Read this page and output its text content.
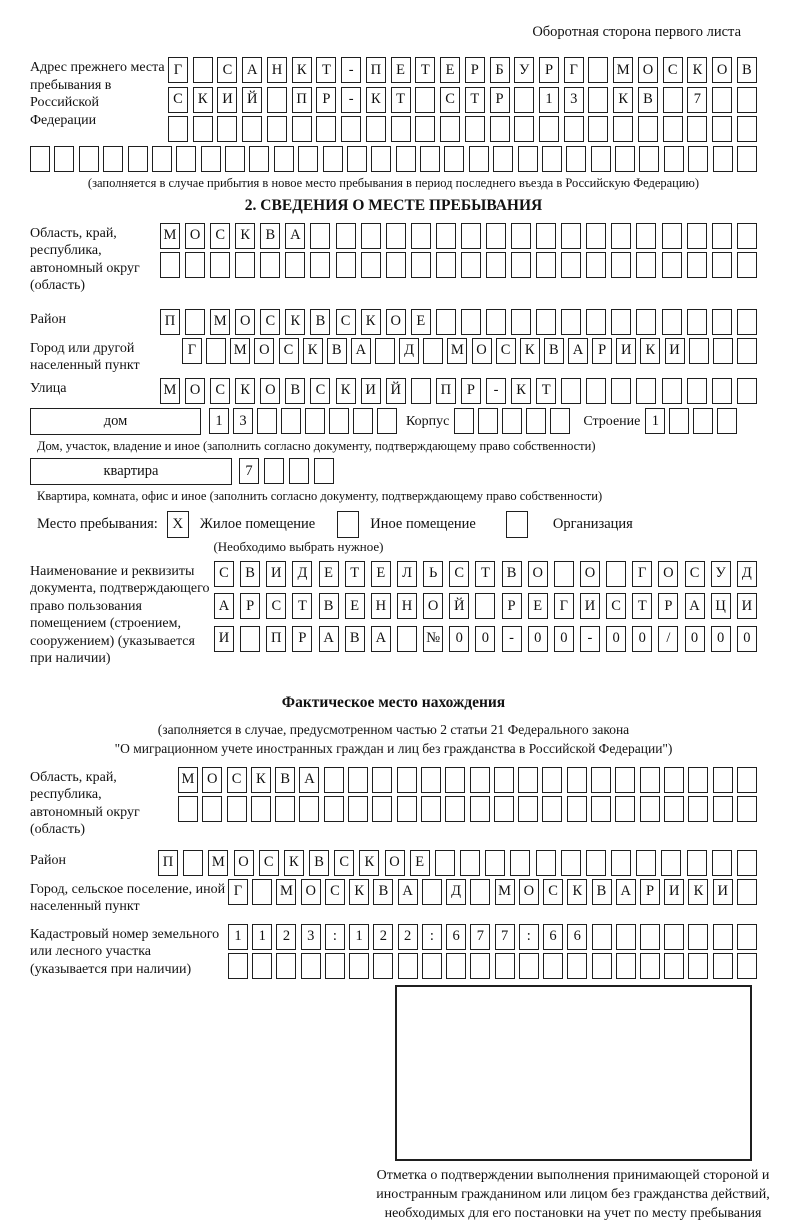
Оборотная сторона первого листа
Адрес прежнего места пребывания в Российской Федерации
Г	С	А Н	К	Т	-	П	Е	Т	Е	Р	Б	У	Р	Г	М О	С	К	О	В
С	К	И Й	П	Р	-	К	Т	С	Т	Р	1	3	К	В	7
(заполняется в случае прибытия в новое место пребывания в период последнего въезда в Российскую Федерацию)
2. СВЕДЕНИЯ О МЕСТЕ ПРЕБЫВАНИЯ
Область, край, республика, автономный округ (область)
М О	С	К	В	А
Район	П	М О	С	К	В	С	К	О	Е
Город или другой населенный пункт
Г	М О С К В А	Д	М О С К В А	Р	И К И
Улица	М О	С	К	О	В	С	К	И	Й	П	Р	-	К	Т
дом	1	3	Корпус	Строение 1
Дом, участок, владение и иное (заполнить согласно документу, подтверждающему право собственности)
квартира	7
Квартира, комната, офис и иное (заполнить согласно документу, подтверждающему право собственности)
Место пребывания: X	Жилое помещение	Иное помещение	Организация
(Необходимо выбрать нужное)
Наименование и реквизиты документа, подтверждающего право пользования помещением (строением, сооружением) (указывается при наличии)
С	В	И	Д	Е	Т	Е	Л	Ь	С	Т	В	О	О	Г	О	С	У	Д
А	Р	С	Т	В	Е	Н	Н	О	Й	Р	Е	Г	И	С	Т	Р	А	Ц	И
И	П	Р	А	В	А	№	0	0	-	0	0	-	0	0	/	0	0	0
Фактическое место нахождения
(заполняется в случае, предусмотренном частью 2 статьи 21 Федерального закона
"О миграционном учете иностранных граждан и лиц без гражданства в Российской Федерации")
Область, край, республика, автономный округ (область)
М О С	К	В А
Район	П	М О	С	К	В	С	К	О	Е
Город, сельское поселение, иной населенный пункт
Г	М О С	К	В А	Д	М О С	К	В А	Р	И К И
Кадастровый номер земельного или лесного участка (указывается при наличии)
1	1	2	3	:	1	2	2	:	6	7	7	:	6	6
Отметка о подтверждении выполнения принимающей стороной и иностранным гражданином или лицом без гражданства действий, необходимых для его постановки на учет по месту пребывания
